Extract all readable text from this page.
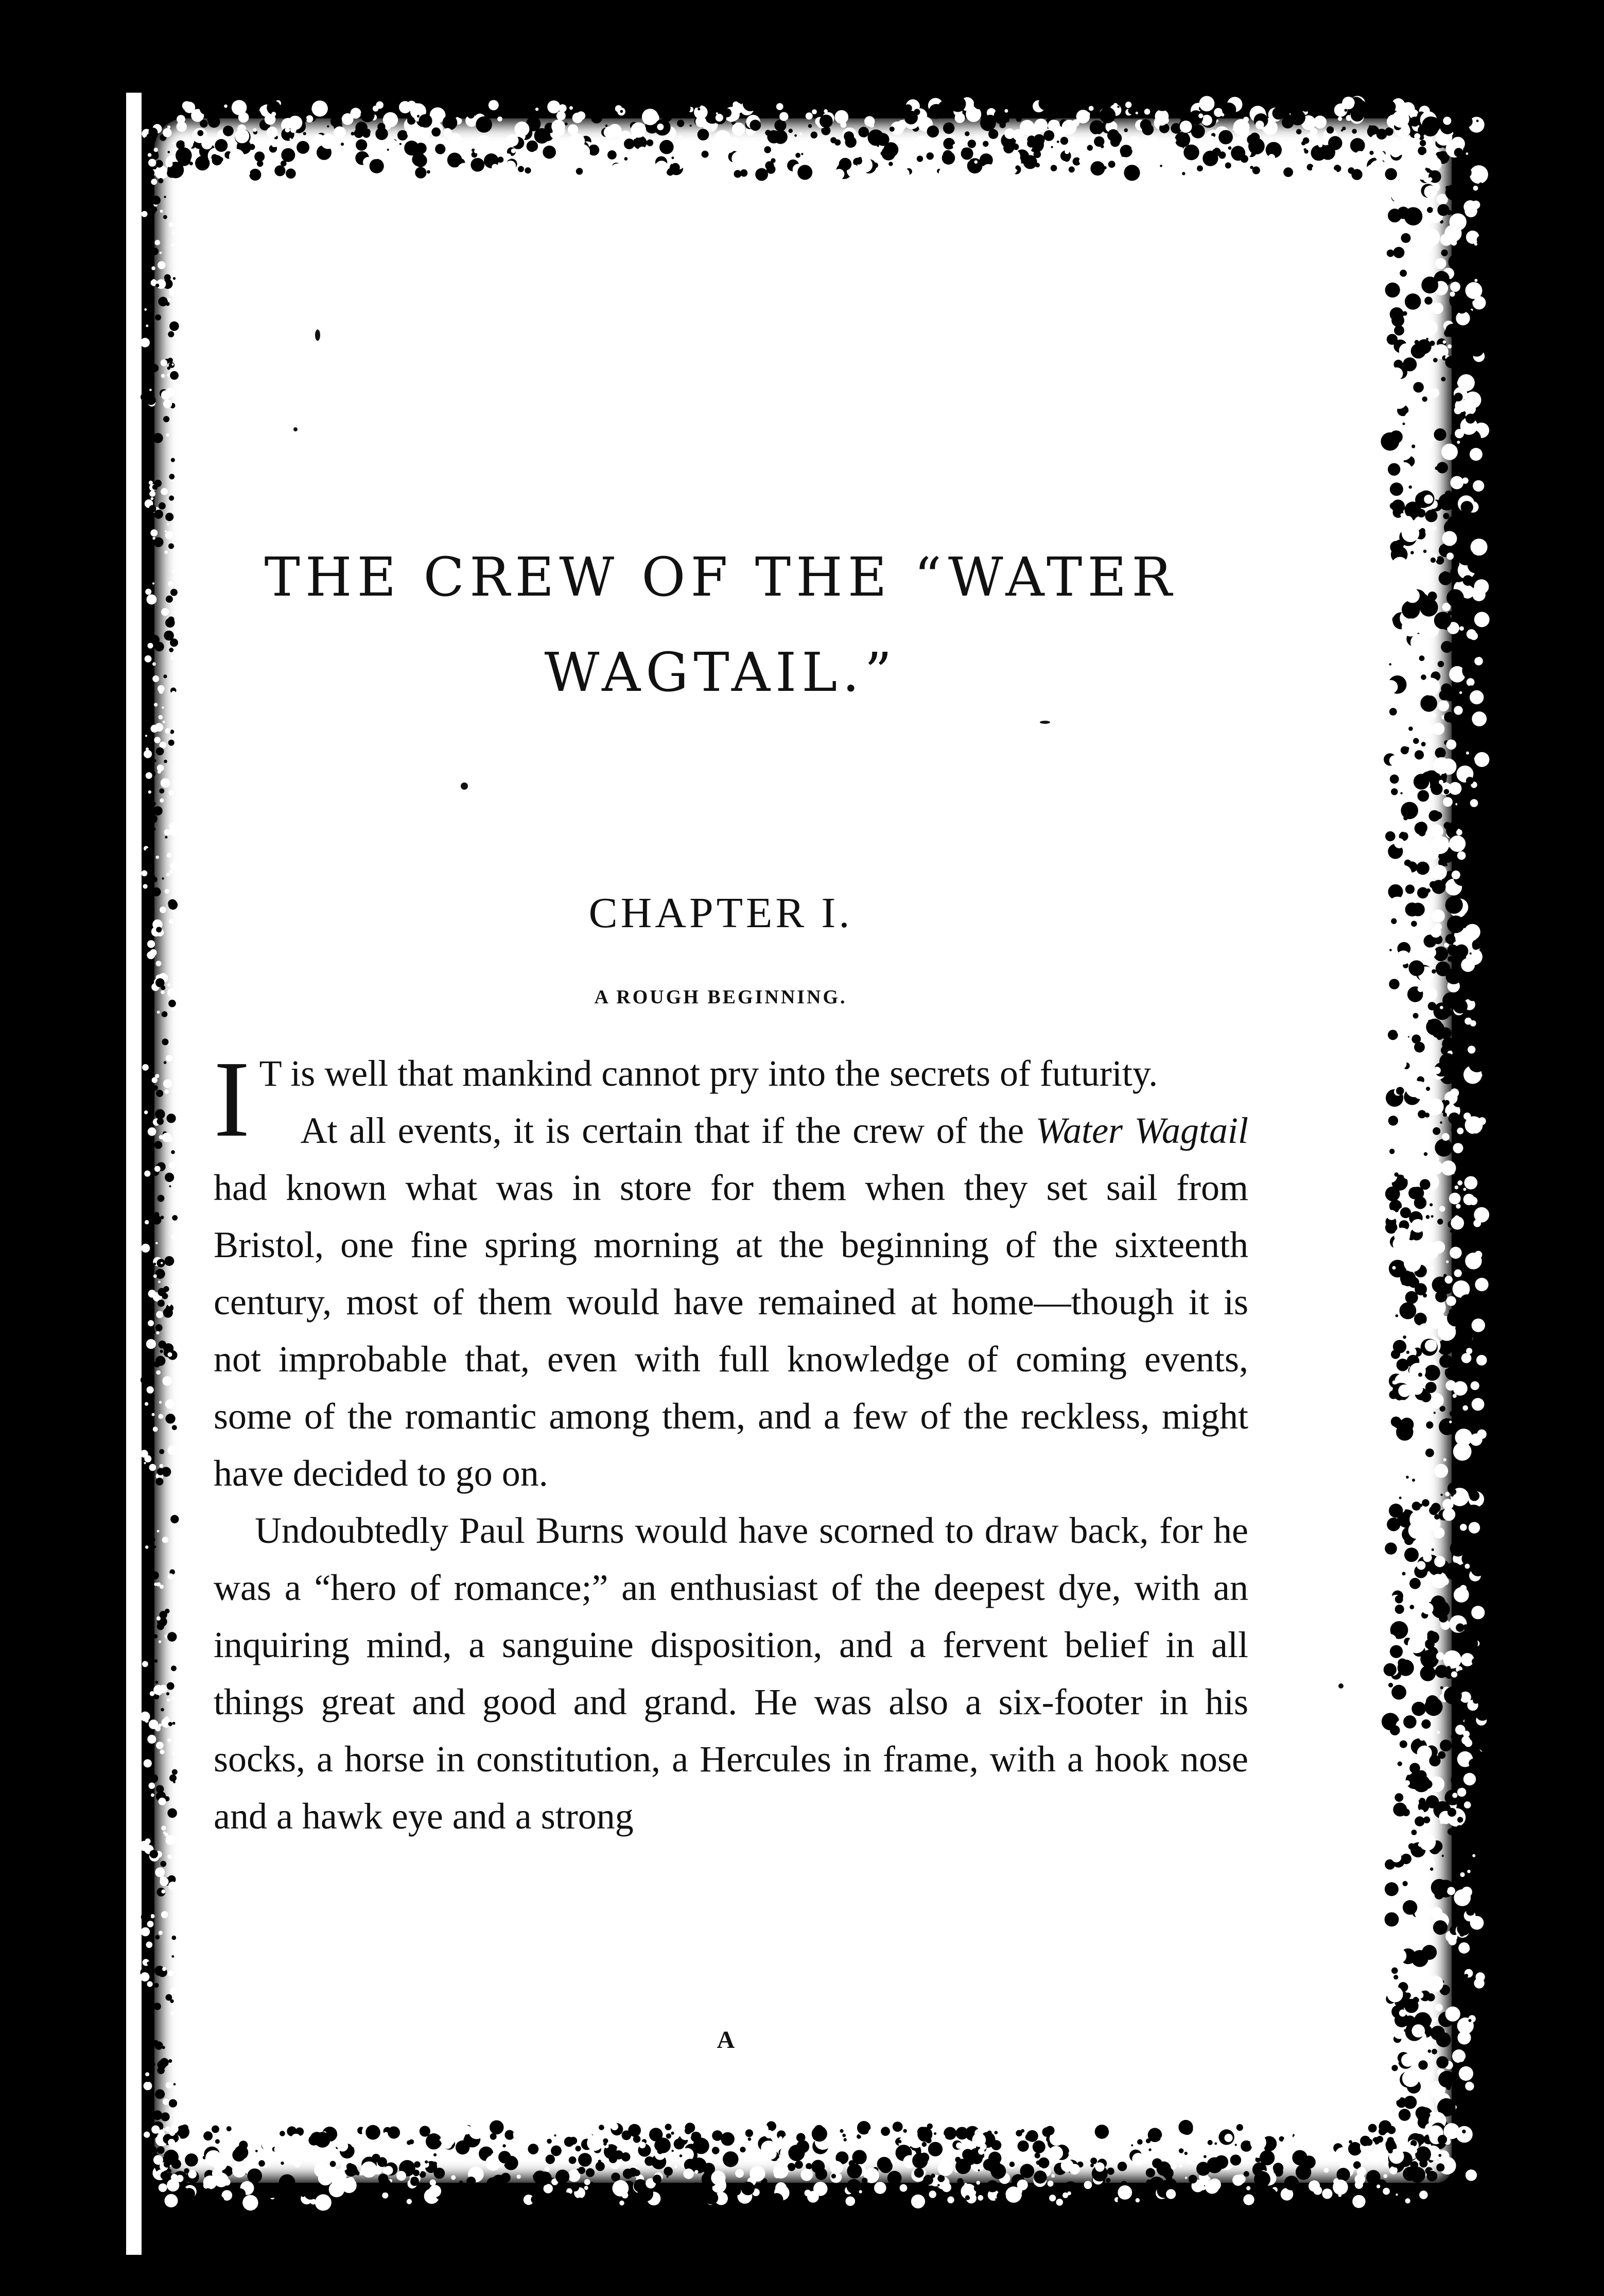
THE CREW OF THE “WATER
WAGTAIL.”
CHAPTER I.
A ROUGH BEGINNING.

I T is well that mankind cannot pry into the secrets of futurity.

At all events, it is certain that if the crew of the Water Wagtail had known what was in store for them when they set sail from Bristol, one fine spring morning at the beginning of the sixteenth century, most of them would have remained at home—though it is not improbable that, even with full knowledge of coming events, some of the romantic among them, and a few of the reckless, might have decided to go on.

Undoubtedly Paul Burns would have scorned to draw back, for he was a “hero of romance;” an enthusiast of the deepest dye, with an inquiring mind, a sanguine disposition, and a fervent belief in all things great and good and grand. He was also a six-footer in his socks, a horse in constitution, a Hercules in frame, with a hook nose and a hawk eye and a strong

A
